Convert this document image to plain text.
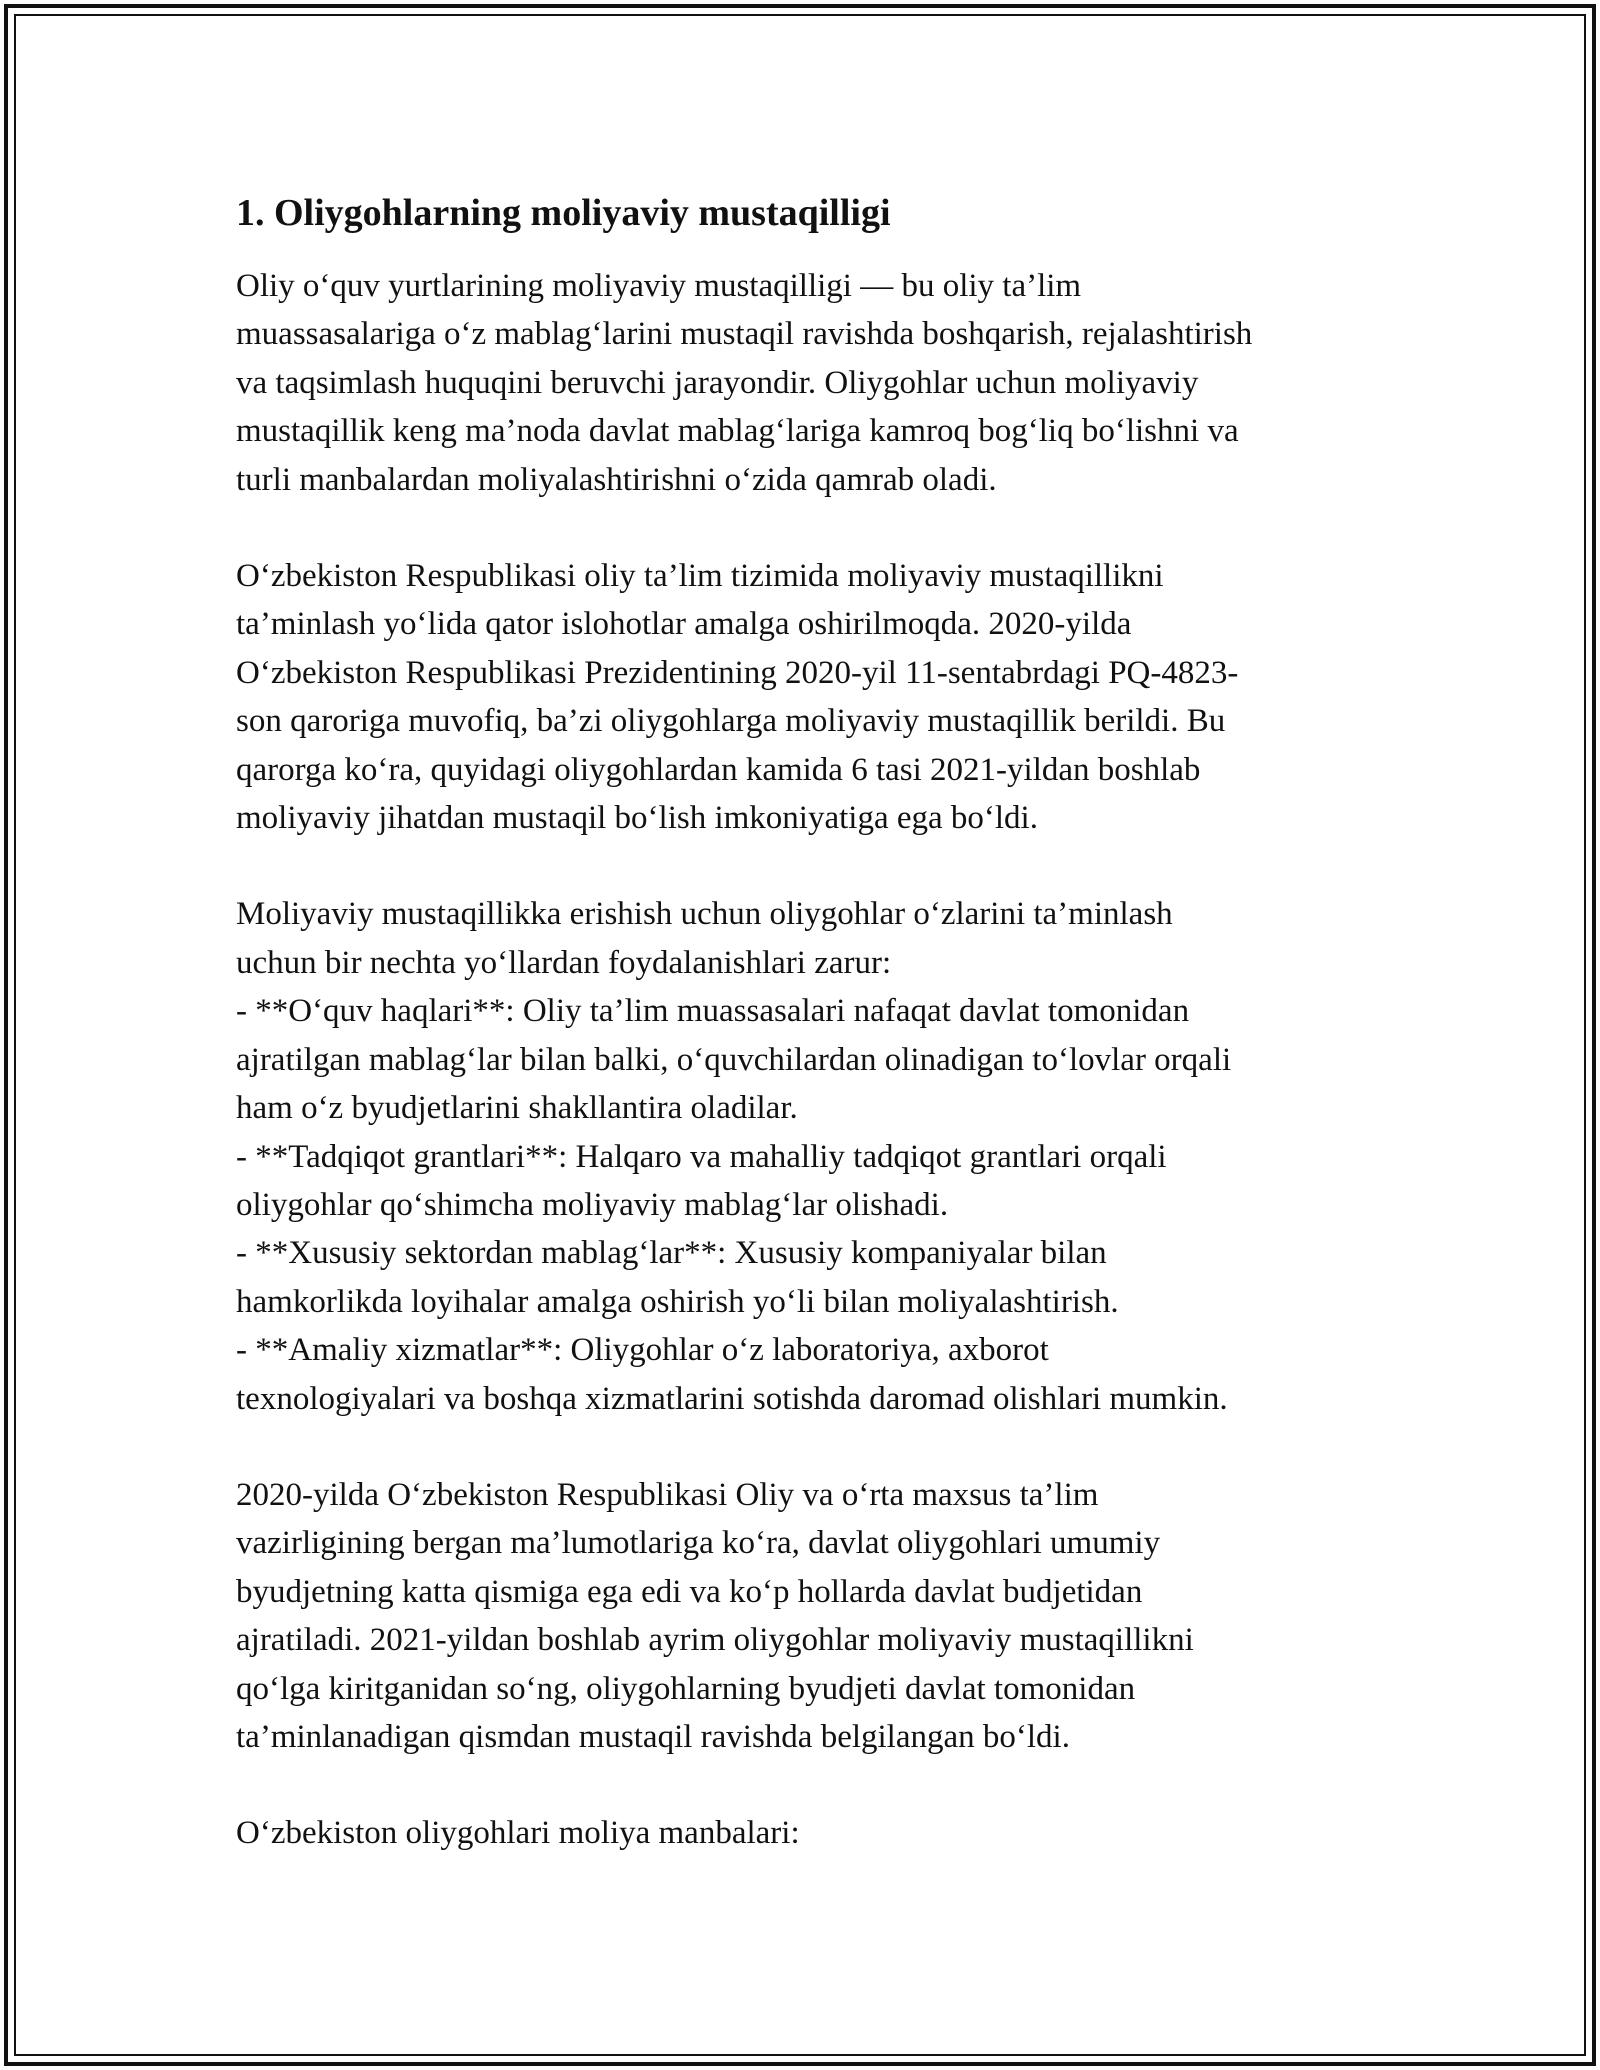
1. Oliygohlarning moliyaviy mustaqilligi

Oliy o‘quv yurtlarining moliyaviy mustaqilligi — bu oliy ta’lim
muassasalariga o‘z mablag‘larini mustaqil ravishda boshqarish, rejalashtirish
va taqsimlash huquqini beruvchi jarayondir. Oliygohlar uchun moliyaviy
mustaqillik keng ma’noda davlat mablag‘lariga kamroq bog‘liq bo‘lishni va
turli manbalardan moliyalashtirishni o‘zida qamrab oladi.

O‘zbekiston Respublikasi oliy ta’lim tizimida moliyaviy mustaqillikni
ta’minlash yo‘lida qator islohotlar amalga oshirilmoqda. 2020-yilda
O‘zbekiston Respublikasi Prezidentining 2020-yil 11-sentabrdagi PQ-4823-
son qaroriga muvofiq, ba’zi oliygohlarga moliyaviy mustaqillik berildi. Bu
qarorga ko‘ra, quyidagi oliygohlardan kamida 6 tasi 2021-yildan boshlab
moliyaviy jihatdan mustaqil bo‘lish imkoniyatiga ega bo‘ldi.

Moliyaviy mustaqillikka erishish uchun oliygohlar o‘zlarini ta’minlash
uchun bir nechta yo‘llardan foydalanishlari zarur:
- **O‘quv haqlari**: Oliy ta’lim muassasalari nafaqat davlat tomonidan
ajratilgan mablag‘lar bilan balki, o‘quvchilardan olinadigan to‘lovlar orqali
ham o‘z byudjetlarini shakllantira oladilar.
- **Tadqiqot grantlari**: Halqaro va mahalliy tadqiqot grantlari orqali
oliygohlar qo‘shimcha moliyaviy mablag‘lar olishadi.
- **Xususiy sektordan mablag‘lar**: Xususiy kompaniyalar bilan
hamkorlikda loyihalar amalga oshirish yo‘li bilan moliyalashtirish.
- **Amaliy xizmatlar**: Oliygohlar o‘z laboratoriya, axborot
texnologiyalari va boshqa xizmatlarini sotishda daromad olishlari mumkin.

2020-yilda O‘zbekiston Respublikasi Oliy va o‘rta maxsus ta’lim
vazirligining bergan ma’lumotlariga ko‘ra, davlat oliygohlari umumiy
byudjetning katta qismiga ega edi va ko‘p hollarda davlat budjetidan
ajratiladi. 2021-yildan boshlab ayrim oliygohlar moliyaviy mustaqillikni
qo‘lga kiritganidan so‘ng, oliygohlarning byudjeti davlat tomonidan
ta’minlanadigan qismdan mustaqil ravishda belgilangan bo‘ldi.

O‘zbekiston oliygohlari moliya manbalari:
